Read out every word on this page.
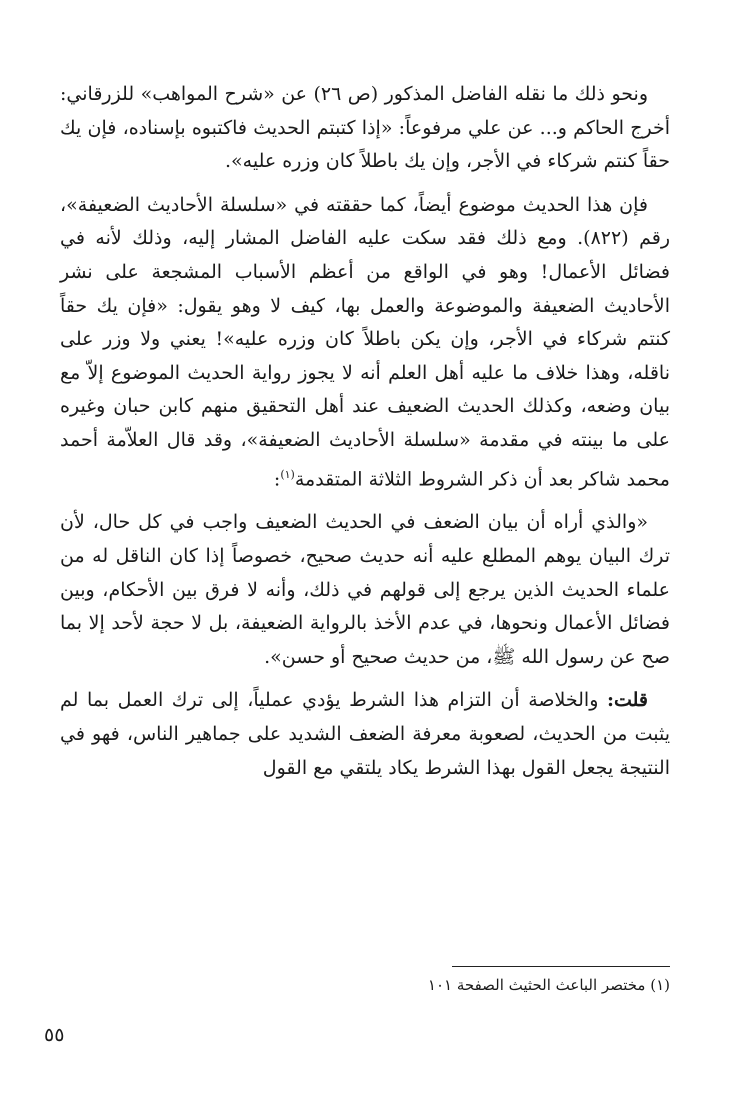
ونحو ذلك ما نقله الفاضل المذكور (ص ٢٦) عن «شرح المواهب» للزرقاني: أخرج الحاكم و... عن علي مرفوعاً: «إذا كتبتم الحديث فاكتبوه بإسناده، فإن يك حقاً كنتم شركاء في الأجر، وإن يك باطلاً كان وزره عليه».

فإن هذا الحديث موضوع أيضاً، كما حققته في «سلسلة الأحاديث الضعيفة»، رقم (٨٢٢). ومع ذلك فقد سكت عليه الفاضل المشار إليه، وذلك لأنه في فضائل الأعمال! وهو في الواقع من أعظم الأسباب المشجعة على نشر الأحاديث الضعيفة والموضوعة والعمل بها، كيف لا وهو يقول: «فإن يك حقاً كنتم شركاء في الأجر، وإن يكن باطلاً كان وزره عليه»! يعني ولا وزر على ناقله، وهذا خلاف ما عليه أهل العلم أنه لا يجوز رواية الحديث الموضوع إلاّ مع بيان وضعه، وكذلك الحديث الضعيف عند أهل التحقيق منهم كابن حبان وغيره على ما بينته في مقدمة «سلسلة الأحاديث الضعيفة»، وقد قال العلاّمة أحمد محمد شاكر بعد أن ذكر الشروط الثلاثة المتقدمة$^{(١)}$:

«والذي أراه أن بيان الضعف في الحديث الضعيف واجب في كل حال، لأن ترك البيان يوهم المطلع عليه أنه حديث صحيح، خصوصاً إذا كان الناقل له من علماء الحديث الذين يرجع إلى قولهم في ذلك، وأنه لا فرق بين الأحكام، وبين فضائل الأعمال ونحوها، في عدم الأخذ بالرواية الضعيفة، بل لا حجة لأحد إلا بما صح عن رسول الله ﷺ، من حديث صحيح أو حسن».

قلت: والخلاصة أن التزام هذا الشرط يؤدي عملياً، إلى ترك العمل بما لم يثبت من الحديث، لصعوبة معرفة الضعف الشديد على جماهير الناس، فهو في النتيجة يجعل القول بهذا الشرط يكاد يلتقي مع القول

(١) مختصر الباعث الحثيث الصفحة ١٠١
٥٥
